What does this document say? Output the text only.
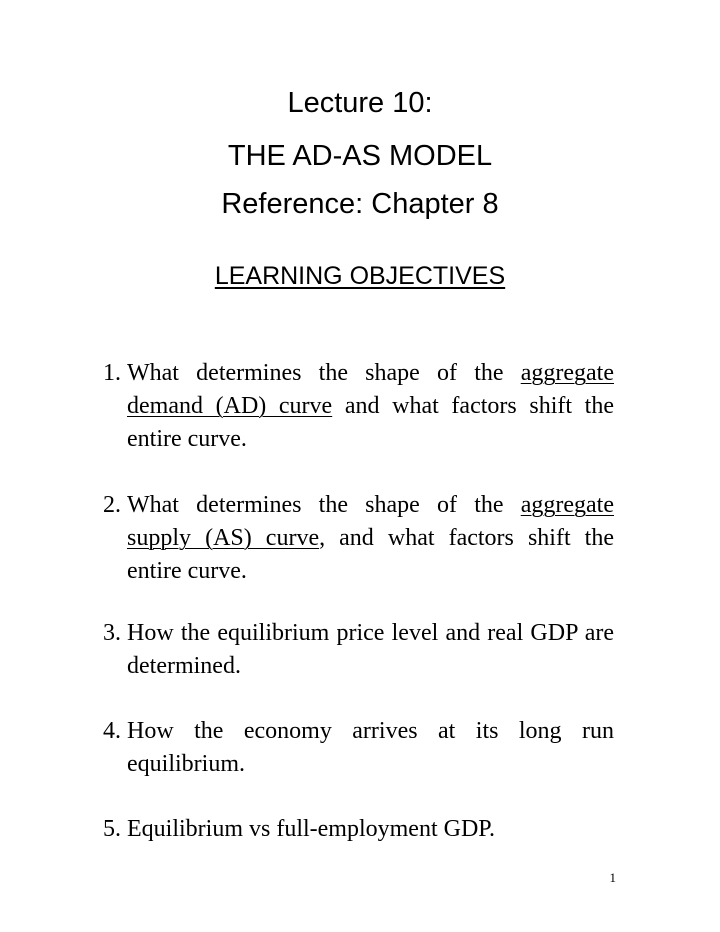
Lecture 10:
THE AD-AS MODEL
Reference: Chapter 8
LEARNING OBJECTIVES
1. What determines the shape of the aggregate demand (AD) curve and what factors shift the entire curve.
2. What determines the shape of the aggregate supply (AS) curve, and what factors shift the entire curve.
3. How the equilibrium price level and real GDP are determined.
4. How the economy arrives at its long run equilibrium.
5. Equilibrium vs full-employment GDP.
1
